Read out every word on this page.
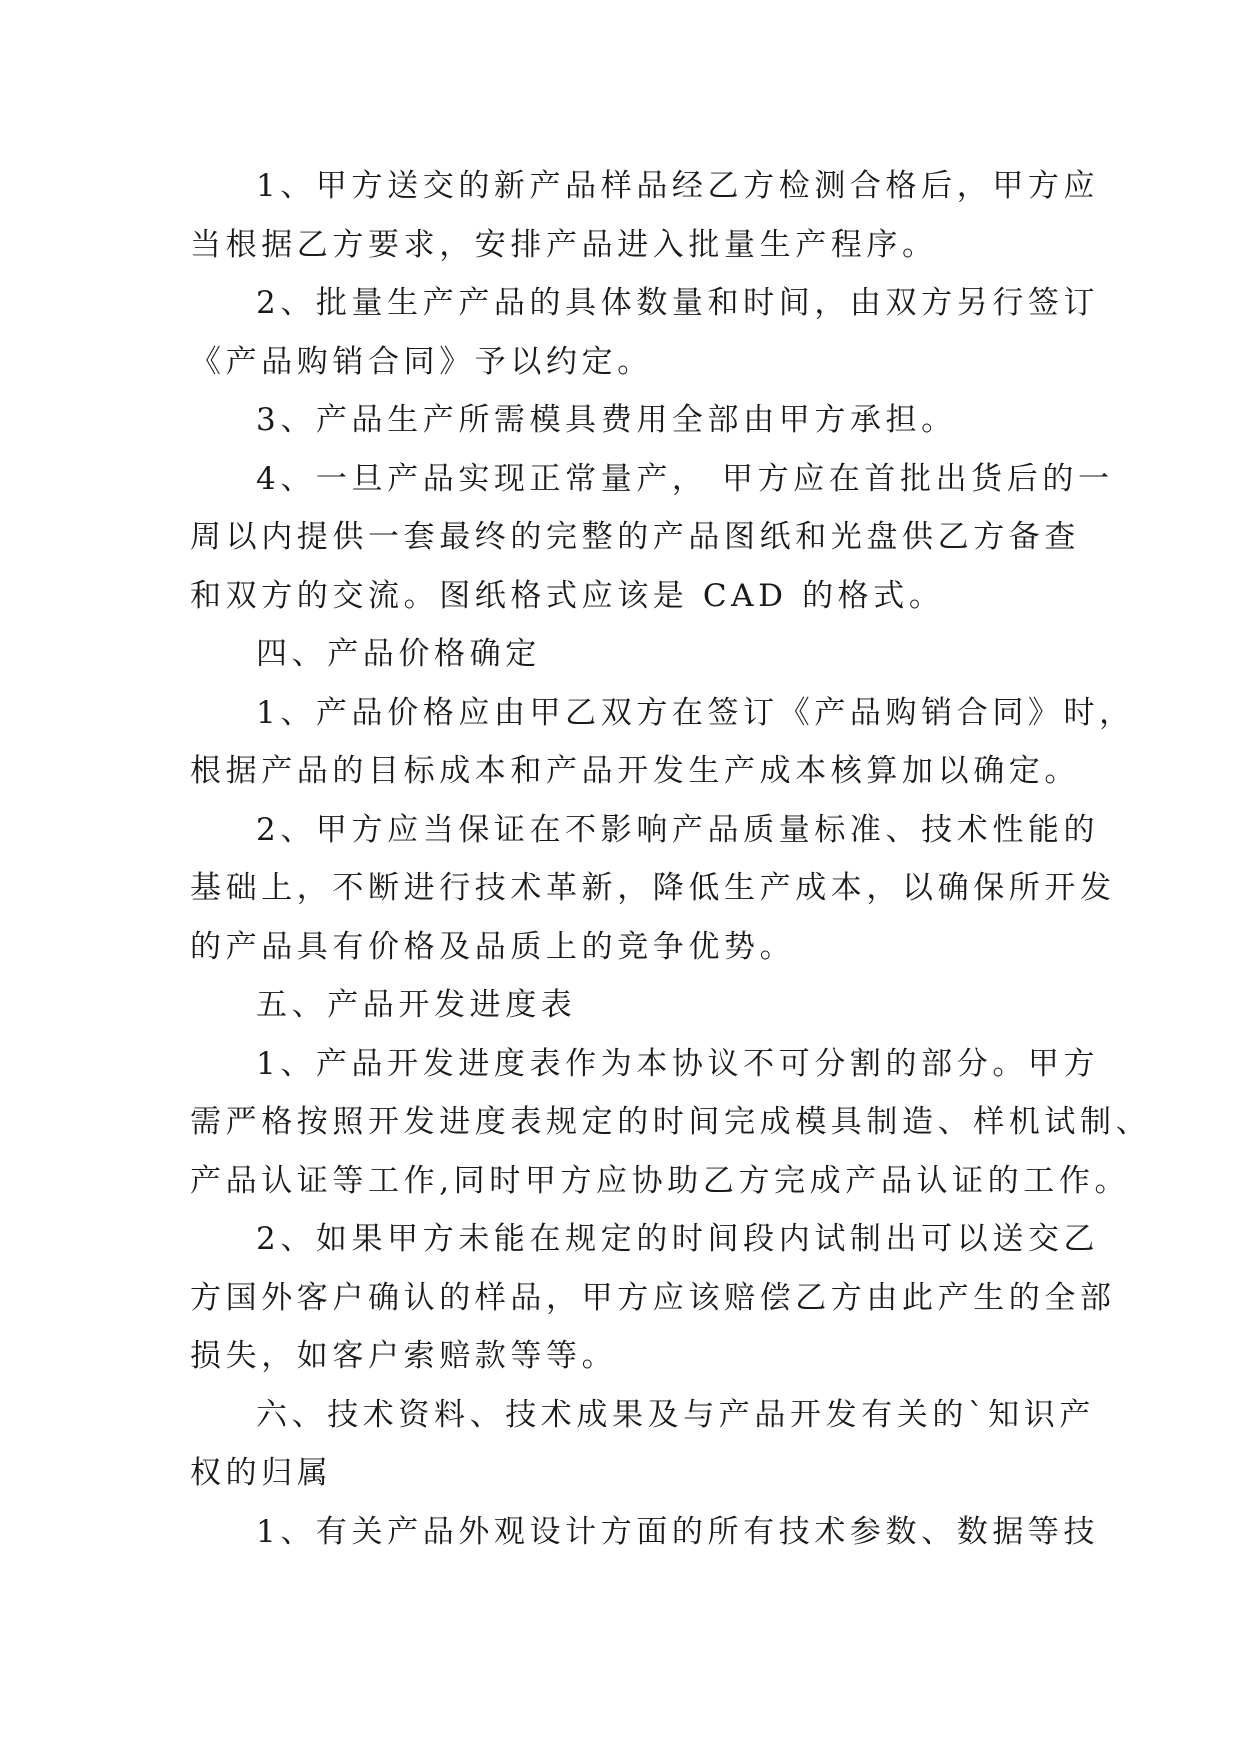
1、甲方送交的新产品样品经乙方检测合格后，甲方应
当根据乙方要求，安排产品进入批量生产程序。
2、批量生产产品的具体数量和时间，由双方另行签订
《产品购销合同》予以约定。
3、产品生产所需模具费用全部由甲方承担。
4、一旦产品实现正常量产， 甲方应在首批出货后的一
周以内提供一套最终的完整的产品图纸和光盘供乙方备查
和双方的交流。图纸格式应该是 CAD 的格式。
四、产品价格确定
1、产品价格应由甲乙双方在签订《产品购销合同》时，
根据产品的目标成本和产品开发生产成本核算加以确定。
2、甲方应当保证在不影响产品质量标准、技术性能的
基础上，不断进行技术革新，降低生产成本，以确保所开发
的产品具有价格及品质上的竞争优势。
五、产品开发进度表
1、产品开发进度表作为本协议不可分割的部分。甲方
需严格按照开发进度表规定的时间完成模具制造、样机试制、
产品认证等工作,同时甲方应协助乙方完成产品认证的工作。
2、如果甲方未能在规定的时间段内试制出可以送交乙
方国外客户确认的样品，甲方应该赔偿乙方由此产生的全部
损失，如客户索赔款等等。
六、技术资料、技术成果及与产品开发有关的`知识产
权的归属
1、有关产品外观设计方面的所有技术参数、数据等技
